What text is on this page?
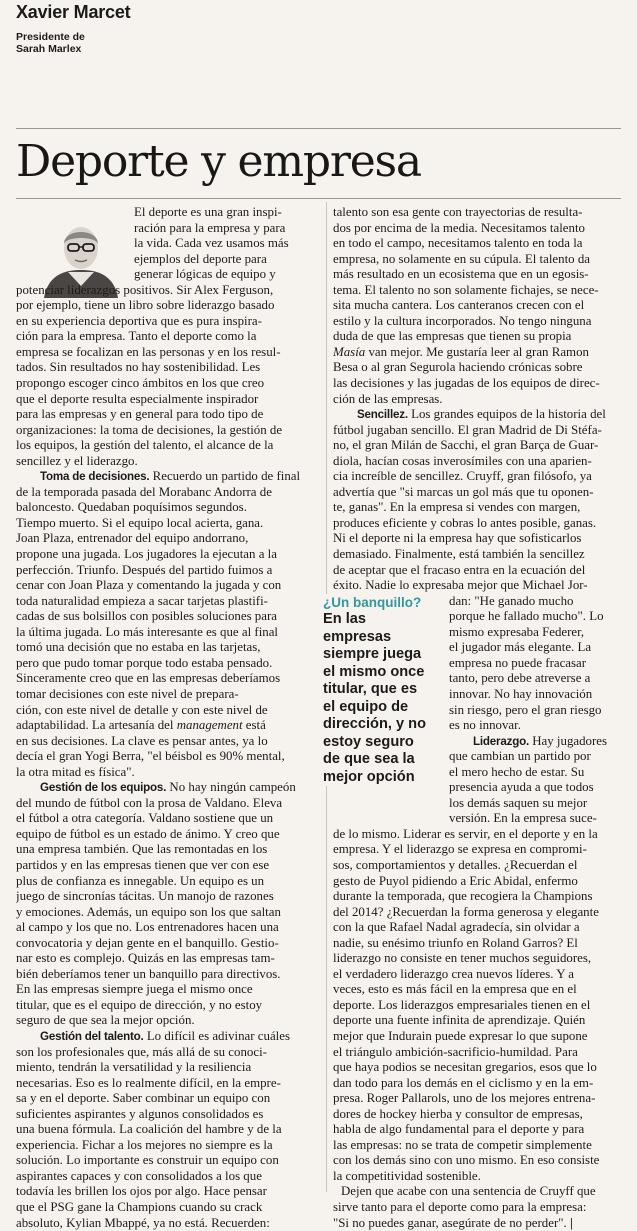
Xavier Marcet
Presidente de
Sarah Marlex
Deporte y empresa
El deporte es una gran inspi-
ración para la empresa y para
la vida. Cada vez usamos más
ejemplos del deporte para
generar lógicas de equipo y
potenciar liderazgos positivos. Sir Alex Ferguson,
por ejemplo, tiene un libro sobre liderazgo basado
en su experiencia deportiva que es pura inspira-
ción para la empresa. Tanto el deporte como la
empresa se focalizan en las personas y en los resul-
tados. Sin resultados no hay sostenibilidad. Les
propongo escoger cinco ámbitos en los que creo
que el deporte resulta especialmente inspirador
para las empresas y en general para todo tipo de
organizaciones: la toma de decisiones, la gestión de
los equipos, la gestión del talento, el alcance de la
sencillez y el liderazgo.
Toma de decisiones. Recuerdo un partido de final
de la temporada pasada del Morabanc Andorra de
baloncesto. Quedaban poquísimos segundos.
Tiempo muerto. Si el equipo local acierta, gana.
Joan Plaza, entrenador del equipo andorrano,
propone una jugada. Los jugadores la ejecutan a la
perfección. Triunfo. Después del partido fuimos a
cenar con Joan Plaza y comentando la jugada y con
toda naturalidad empieza a sacar tarjetas plastifi-
cadas de sus bolsillos con posibles soluciones para
la última jugada. Lo más interesante es que al final
tomó una decisión que no estaba en las tarjetas,
pero que pudo tomar porque todo estaba pensado.
Sinceramente creo que en las empresas deberíamos
tomar decisiones con este nivel de prepara-
ción, con este nivel de detalle y con este nivel de
adaptabilidad. La artesanía del management está
en sus decisiones. La clave es pensar antes, ya lo
decía el gran Yogi Berra, "el béisbol es 90% mental,
la otra mitad es física".
Gestión de los equipos. No hay ningún campeón
del mundo de fútbol con la prosa de Valdano. Eleva
el fútbol a otra categoría. Valdano sostiene que un
equipo de fútbol es un estado de ánimo. Y creo que
una empresa también. Que las remontadas en los
partidos y en las empresas tienen que ver con ese
plus de confianza es innegable. Un equipo es un
juego de sincronías tácitas. Un manojo de razones
y emociones. Además, un equipo son los que saltan
al campo y los que no. Los entrenadores hacen una
convocatoria y dejan gente en el banquillo. Gestio-
nar esto es complejo. Quizás en las empresas tam-
bién deberíamos tener un banquillo para directivos.
En las empresas siempre juega el mismo once
titular, que es el equipo de dirección, y no estoy
seguro de que sea la mejor opción.
Gestión del talento. Lo difícil es adivinar cuáles
son los profesionales que, más allá de su conoci-
miento, tendrán la versatilidad y la resiliencia
necesarias. Eso es lo realmente difícil, en la empre-
sa y en el deporte. Saber combinar un equipo con
suficientes aspirantes y algunos consolidados es
una buena fórmula. La coalición del hambre y de la
experiencia. Fichar a los mejores no siempre es la
solución. Lo importante es construir un equipo con
aspirantes capaces y con consolidados a los que
todavía les brillen los ojos por algo. Hace pensar
que el PSG gane la Champions cuando su crack
absoluto, Kylian Mbappé, ya no está. Recuerden:
talento son esa gente con trayectorias de resulta-
dos por encima de la media. Necesitamos talento
en todo el campo, necesitamos talento en toda la
empresa, no solamente en su cúpula. El talento da
más resultado en un ecosistema que en un egosis-
tema. El talento no son solamente fichajes, se nece-
sita mucha cantera. Los canteranos crecen con el
estilo y la cultura incorporados. No tengo ninguna
duda de que las empresas que tienen su propia
Masía van mejor. Me gustaría leer al gran Ramon
Besa o al gran Segurola haciendo crónicas sobre
las decisiones y las jugadas de los equipos de direc-
ción de las empresas.
Sencillez. Los grandes equipos de la historia del
fútbol jugaban sencillo. El gran Madrid de Di Stéfa-
no, el gran Milán de Sacchi, el gran Barça de Guar-
diola, hacían cosas inverosímiles con una aparien-
cia increíble de sencillez. Cruyff, gran filósofo, ya
advertía que "si marcas un gol más que tu oponen-
te, ganas". En la empresa si vendes con margen,
produces eficiente y cobras lo antes posible, ganas.
Ni el deporte ni la empresa hay que sofisticarlos
demasiado. Finalmente, está también la sencillez
de aceptar que el fracaso entra en la ecuación del
éxito. Nadie lo expresaba mejor que Michael Jor-
dan: "He ganado mucho
porque he fallado mucho". Lo
mismo expresaba Federer,
el jugador más elegante. La
empresa no puede fracasar
tanto, pero debe atreverse a
innovar. No hay innovación
sin riesgo, pero el gran riesgo
es no innovar.
Liderazgo. Hay jugadores
que cambian un partido por
el mero hecho de estar. Su
presencia ayuda a que todos
los demás saquen su mejor
versión. En la empresa suce-
de lo mismo. Liderar es servir, en el deporte y en la
empresa. Y el liderazgo se expresa en compromi-
sos, comportamientos y detalles. ¿Recuerdan el
gesto de Puyol pidiendo a Eric Abidal, enfermo
durante la temporada, que recogiera la Champions
del 2014? ¿Recuerdan la forma generosa y elegante
con la que Rafael Nadal agradecía, sin olvidar a
nadie, su enésimo triunfo en Roland Garros? El
liderazgo no consiste en tener muchos seguidores,
el verdadero liderazgo crea nuevos líderes. Y a
veces, esto es más fácil en la empresa que en el
deporte. Los liderazgos empresariales tienen en el
deporte una fuente infinita de aprendizaje. Quién
mejor que Indurain puede expresar lo que supone
el triángulo ambición-sacrificio-humildad. Para
que haya podios se necesitan gregarios, esos que lo
dan todo para los demás en el ciclismo y en la em-
presa. Roger Pallarols, uno de los mejores entrena-
dores de hockey hierba y consultor de empresas,
habla de algo fundamental para el deporte y para
las empresas: no se trata de competir simplemente
con los demás sino con uno mismo. En eso consiste
la competitividad sostenible.
Dejen que acabe con una sentencia de Cruyff que
sirve tanto para el deporte como para la empresa:
"Si no puedes ganar, asegúrate de no perder". |
¿Un banquillo?
En las empresas
siempre juega
el mismo once
titular, que es
el equipo de
dirección, y no
estoy seguro
de que sea la
mejor opción
